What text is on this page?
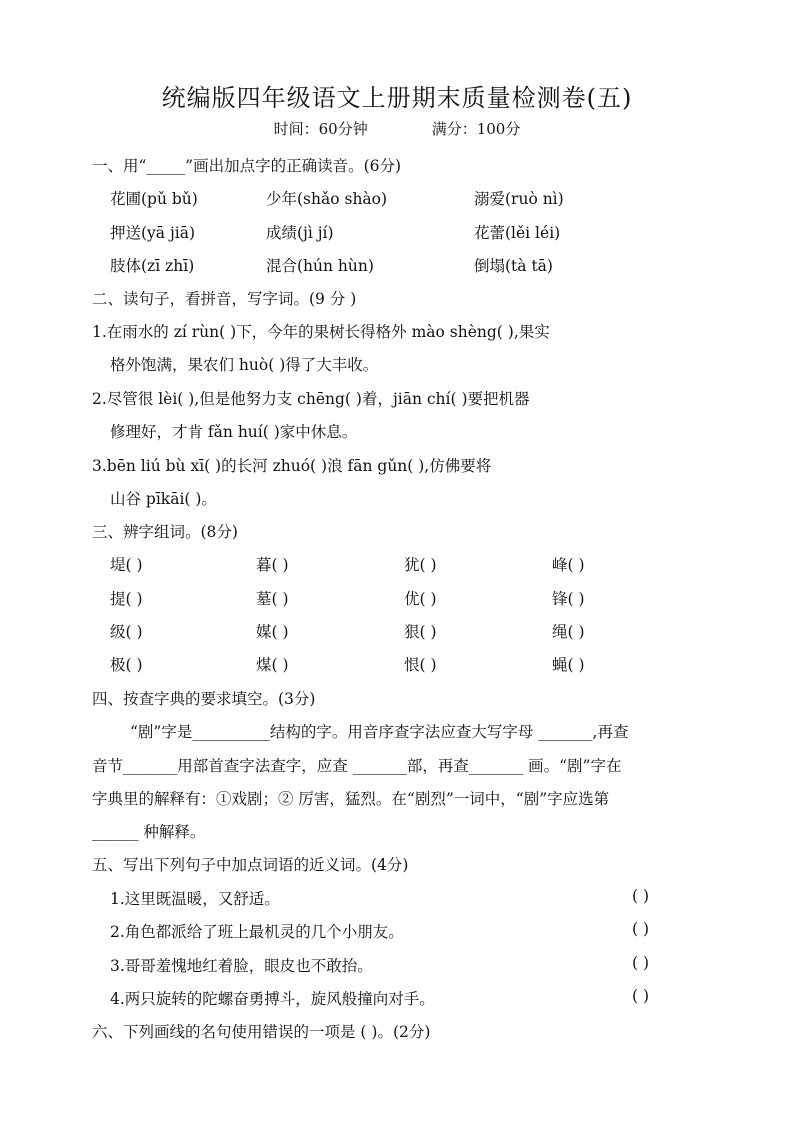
统编版四年级语文上册期末质量检测卷(五)
时间：60分钟	满分：100分
一、用“_____”画出加点字的正确读音。(6分)
花圃(pǔ bǔ)	少年(shǎo shào)	溺爱(ruò nì)
押送(yā jiā)	成绩(jì jí)	花蕾(lěi léi)
肢体(zī zhī)	混合(hún hùn)	倒塌(tà tā)
二、读句子，看拼音，写字词。(9 分 )
1.在雨水的 zí rùn( )下，今年的果树长得格外 mào shèng( ),果实
格外饱满，果农们 huò( )得了大丰收。
2.尽管很 lèi( ),但是他努力支 chēng( )着，jiān chí( )要把机器
修理好，才肯 fǎn huí( )家中休息。
3.bēn liú bù xī( )的长河 zhuó( )浪 fān gǔn( ),仿佛要将
山谷 pīkāi( )。
三、辨字组词。(8分)
堤( )	暮( )	犹( )	峰( )
提( )	墓( )	优( )	锋( )
级( )	媒( )	狠( )	绳( )
极( )	煤( )	恨( )	蝇( )
四、按查字典的要求填空。(3分)
“剧”字是__________结构的字。用音序查字法应查大写字母 _______,再查
音节_______用部首查字法查字，应查 _______部，再查_______ 画。“剧”字在
字典里的解释有：①戏剧；② 厉害，猛烈。在“剧烈”一词中，“剧”字应选第
______ 种解释。
五、写出下列句子中加点词语的近义词。(4分)
1.这里既温暖，又舒适。	( )
2.角色都派给了班上最机灵的几个小朋友。	( )
3.哥哥羞愧地红着脸，眼皮也不敢抬。	( )
4.两只旋转的陀螺奋勇搏斗，旋风般撞向对手。	( )
六、下列画线的名句使用错误的一项是 ( )。(2分)
